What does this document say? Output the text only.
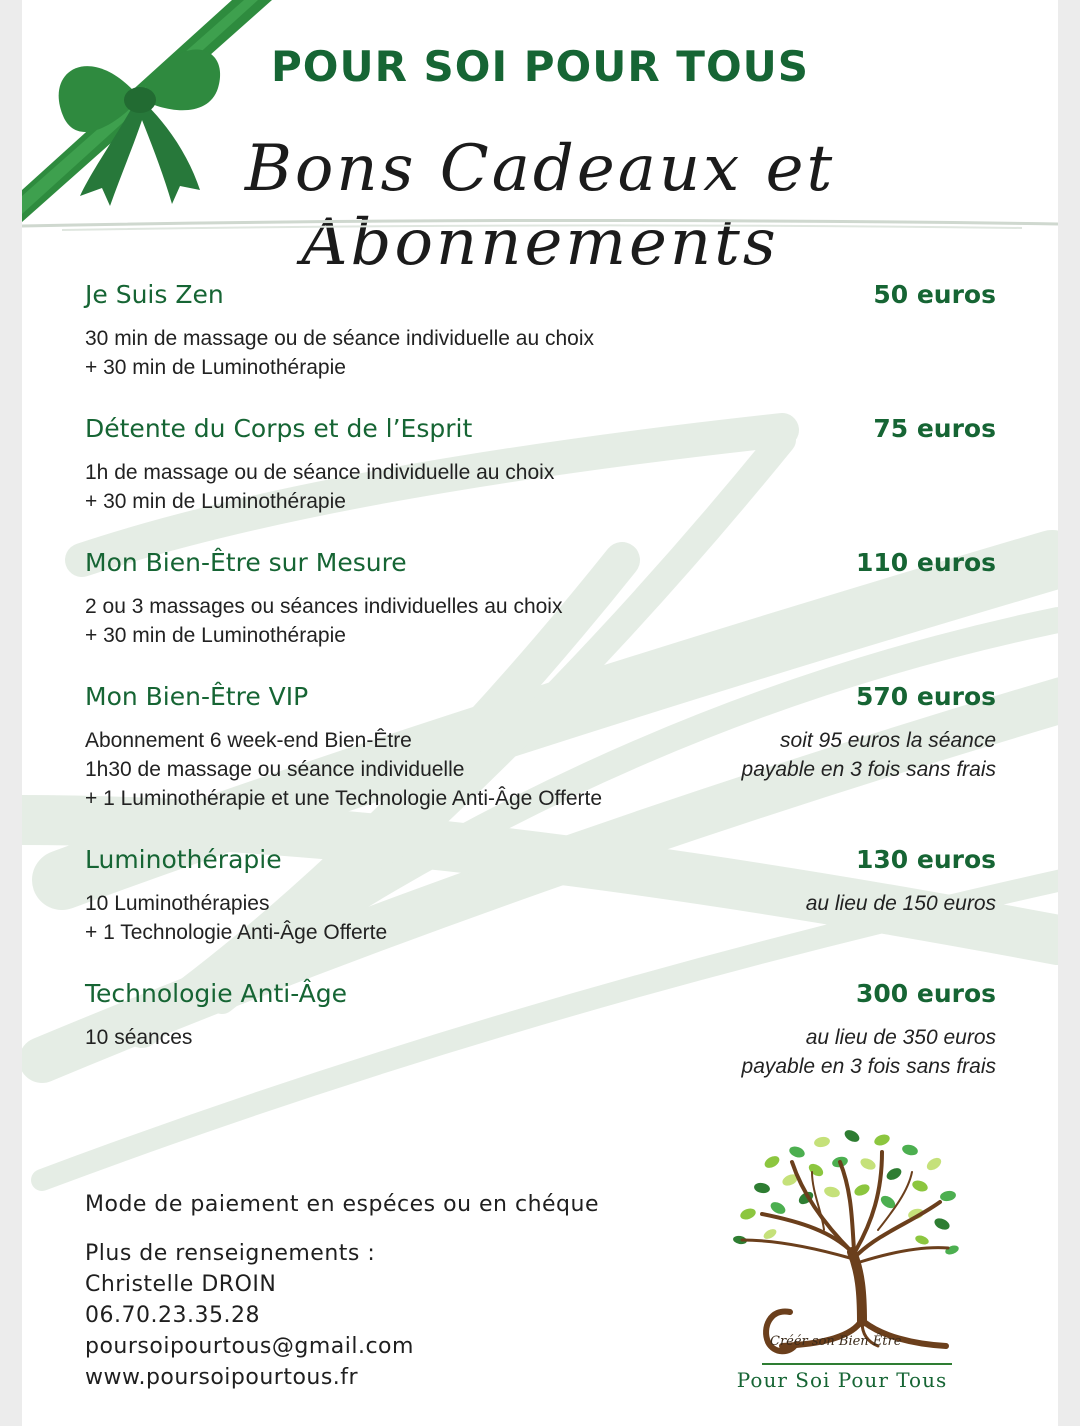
POUR SOI POUR TOUS
Bons Cadeaux et Abonnements
Je Suis Zen	50 euros
30 min de massage ou de séance individuelle au choix
+ 30 min de Luminothérapie
Détente du Corps et de l’Esprit	75 euros
1h de massage ou de séance individuelle au choix
+ 30 min de Luminothérapie
Mon Bien-Être sur Mesure	110 euros
2 ou 3 massages ou séances individuelles au choix
+ 30 min de Luminothérapie
Mon Bien-Être VIP	570 euros
Abonnement 6 week-end Bien-Être
1h30 de massage ou séance individuelle
+ 1 Luminothérapie et une Technologie Anti-Âge Offerte
soit 95 euros la séance
payable en 3 fois sans frais
Luminothérapie	130 euros
10 Luminothérapies
+ 1 Technologie Anti-Âge Offerte
au lieu de 150 euros
Technologie Anti-Âge	300 euros
10 séances	au lieu de 350 euros
payable en 3 fois sans frais
Mode de paiement en espéces ou en chéque
Plus de renseignements :
Christelle DROIN
06.70.23.35.28
poursoipourtous@gmail.com
www.poursoipourtous.fr
Créér son Bien Être
Pour Soi Pour Tous
